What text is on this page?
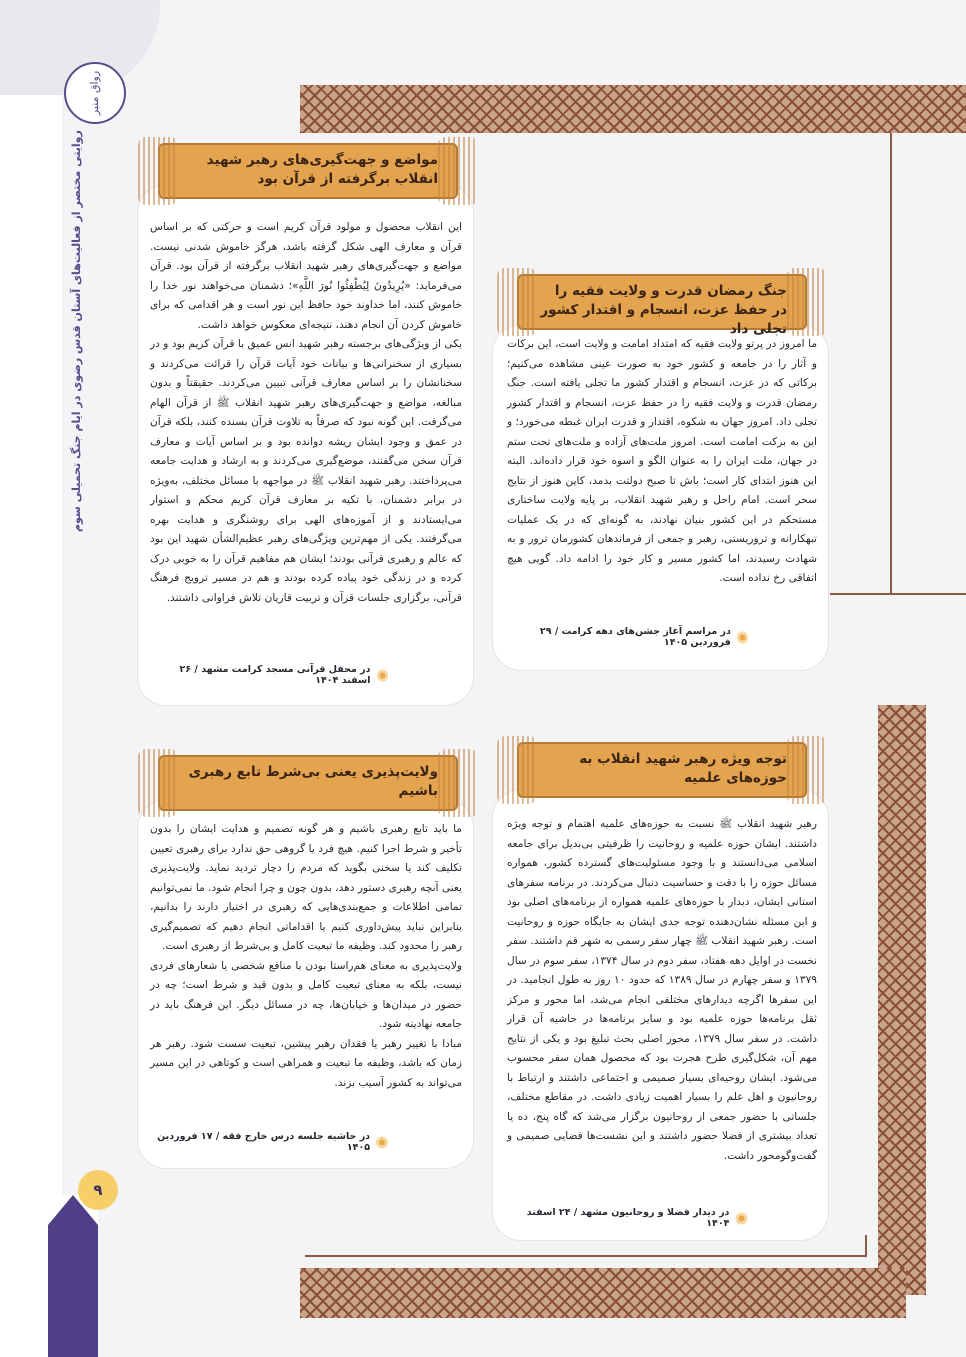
رواق منبر
روایتی مختصر از فعالیت‌های آستان قدس رضوی در ایام جنگ تحمیلی سوم
۹
مواضع و جهت‌گیری‌های رهبر شهید انقلاب برگرفته از قرآن بود

این انقلاب محصول و مولود قرآن کریم است و حرکتی که بر اساس قرآن و معارف الهی شکل گرفته باشد، هرگز خاموش شدنی نیست. مواضع و جهت‌گیری‌های رهبر شهید انقلاب برگرفته از قرآن بود. قرآن می‌فرماید: «يُرِيدُونَ لِيُطْفِئُوا نُورَ اللَّهِ»؛ دشمنان می‌خواهند نور خدا را خاموش کنند، اما خداوند خود حافظ این نور است و هر اقدامی که برای خاموش کردن آن انجام دهند، نتیجه‌ای معکوس خواهد داشت.

یکی از ویژگی‌های برجسته رهبر شهید انس عمیق با قرآن کریم بود و در بسیاری از سخنرانی‌ها و بیانات خود آیات قرآن را قرائت می‌کردند و سخنانشان را بر اساس معارف قرآنی تبیین می‌کردند. حقیقتاً و بدون مبالغه، مواضع و جهت‌گیری‌های رهبر شهید انقلاب ﷺ از قرآن الهام می‌گرفت. این گونه نبود که صرفاً به تلاوت قرآن بسنده کنند، بلکه قرآن در عمق و وجود ایشان ریشه دوانده بود و بر اساس آیات و معارف قرآن سخن می‌گفتند، موضع‌گیری می‌کردند و به ارشاد و هدایت جامعه می‌پرداختند. رهبر شهید انقلاب ﷺ در مواجهه با مسائل مختلف، به‌ویژه در برابر دشمنان، با تکیه بر معارف قرآن کریم محکم و استوار می‌ایستادند و از آموزه‌های الهی برای روشنگری و هدایت بهره می‌گرفتند. یکی از مهم‌ترین ویژگی‌های رهبر عظیم‌الشأن شهید این بود که عالم و رهبری قرآنی بودند؛ ایشان هم مفاهیم قرآن را به خوبی درک کرده و در زندگی خود پیاده کرده بودند و هم در مسیر ترویج فرهنگ قرآنی، برگزاری جلسات قرآن و تربیت قاریان تلاش فراوانی داشتند.

در محفل قرآنی مسجد کرامت مشهد / ۲۶ اسفند ۱۴۰۴
جنگ رمضان قدرت و ولایت فقیه را در حفظ عزت، انسجام و اقتدار کشور تجلی داد

ما امروز در پرتو ولایت فقیه که امتداد امامت و ولایت است، این برکات و آثار را در جامعه و کشور خود به صورت عینی مشاهده می‌کنیم؛ برکاتی که در عزت، انسجام و اقتدار کشور ما تجلی یافته است. جنگ رمضان قدرت و ولایت فقیه را در حفظ عزت، انسجام و اقتدار کشور تجلی داد. امروز جهان به شکوه، اقتدار و قدرت ایران غبطه می‌خورد؛ و این به برکت امامت است. امروز ملت‌های آزاده و ملت‌های تحت ستم در جهان، ملت ایران را به عنوان الگو و اسوه خود قرار داده‌اند. البته این هنوز ابتدای کار است؛ باش تا صبح دولتت بدمد، کاین هنوز از نتایج سحر است. امام راحل و رهبر شهید انقلاب، بر پایه ولایت ساختاری مستحکم در این کشور بنیان نهادند، به گونه‌ای که در یک عملیات تبهکارانه و تروریستی، رهبر و جمعی از فرماندهان کشورمان ترور و به شهادت رسیدند، اما کشور مسیر و کار خود را ادامه داد. گویی هیچ اتفاقی رخ نداده است.

در مراسم آغاز جشن‌های دهه کرامت / ۲۹ فروردین ۱۴۰۵
ولایت‌پذیری یعنی بی‌شرط تابع رهبری باشیم

ما باید تابع رهبری باشیم و هر گونه تصمیم و هدایت ایشان را بدون تأخیر و شرط اجرا کنیم. هیچ فرد یا گروهی حق ندارد برای رهبری تعیین تکلیف کند یا سخنی بگوید که مردم را دچار تردید نماید. ولایت‌پذیری یعنی آنچه رهبری دستور دهد، بدون چون و چرا انجام شود. ما نمی‌توانیم تمامی اطلاعات و جمع‌بندی‌هایی که رهبری در اختیار دارند را بدانیم، بنابراین نباید پیش‌داوری کنیم یا اقداماتی انجام دهیم که تصمیم‌گیری رهبر را محدود کند. وظیفه ما تبعیت کامل و بی‌شرط از رهبری است.

ولایت‌پذیری به معنای هم‌راستا بودن با منافع شخصی یا شعارهای فردی نیست، بلکه به معنای تبعیت کامل و بدون قید و شرط است؛ چه در حضور در میدان‌ها و خیابان‌ها، چه در مسائل دیگر. این فرهنگ باید در جامعه نهادینه شود.

مبادا با تغییر رهبر یا فقدان رهبر پیشین، تبعیت سست شود. رهبر هر زمان که باشد، وظیفه ما تبعیت و همراهی است و کوتاهی در این مسیر می‌تواند به کشور آسیب بزند.

در حاشیه جلسه درس خارج فقه / ۱۷ فروردین ۱۴۰۵
توجه ویژه رهبر شهید انقلاب به حوزه‌های علمیه

رهبر شهید انقلاب ﷺ نسبت به حوزه‌های علمیه اهتمام و توجه ویژه داشتند. ایشان حوزه علمیه و روحانیت را ظرفیتی بی‌بدیل برای جامعه اسلامی می‌دانستند و با وجود مسئولیت‌های گسترده کشور، همواره مسائل حوزه را با دقت و حساسیت دنبال می‌کردند. در برنامه سفرهای استانی ایشان، دیدار با حوزه‌های علمیه همواره از برنامه‌های اصلی بود و این مسئله نشان‌دهنده توجه جدی ایشان به جایگاه حوزه و روحانیت است. رهبر شهید انقلاب ﷺ چهار سفر رسمی به شهر قم داشتند. سفر نخست در اوایل دهه هفتاد، سفر دوم در سال ۱۳۷۴، سفر سوم در سال ۱۳۷۹ و سفر چهارم در سال ۱۳۸۹ که حدود ۱۰ روز به طول انجامید. در این سفرها اگرچه دیدارهای مختلفی انجام می‌شد، اما محور و مرکز ثقل برنامه‌ها حوزه علمیه بود و سایر برنامه‌ها در حاشیه آن قرار داشت. در سفر سال ۱۳۷۹، محور اصلی بحث تبلیغ بود و یکی از نتایج مهم آن، شکل‌گیری طرح هجرت بود که محصول همان سفر محسوب می‌شود. ایشان روحیه‌ای بسیار صمیمی و اجتماعی داشتند و ارتباط با روحانیون و اهل علم را بسیار اهمیت زیادی داشت. در مقاطع مختلف، جلساتی با حضور جمعی از روحانیون برگزار می‌شد که گاه پنج، ده یا تعداد بیشتری از فضلا حضور داشتند و این نشست‌ها فضایی صمیمی و گفت‌وگومحور داشت.

در دیدار فضلا و روحانیون مشهد / ۲۴ اسفند ۱۴۰۴
